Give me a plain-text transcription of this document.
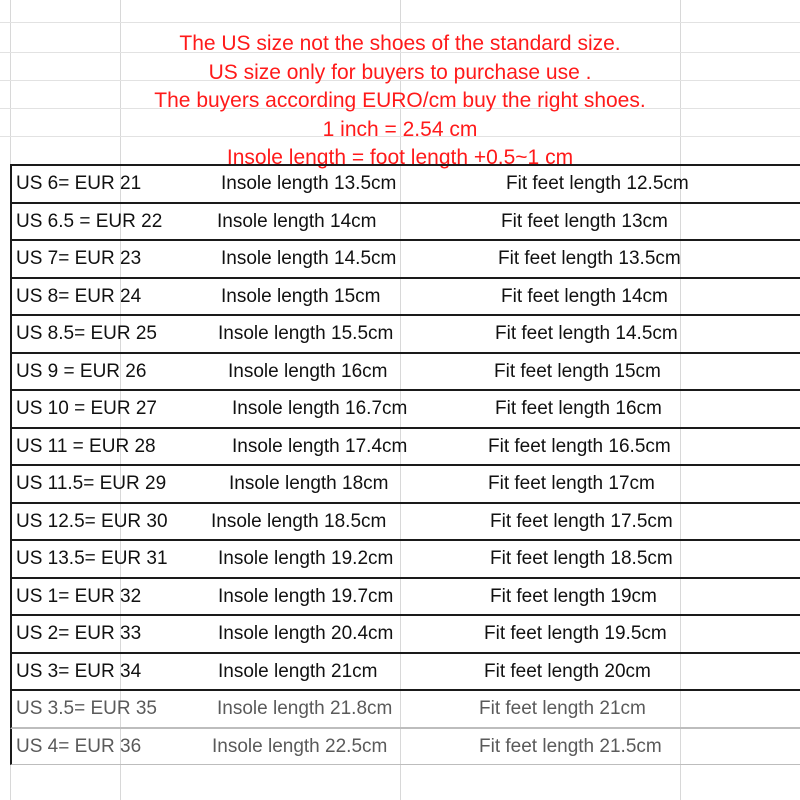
The US size not the shoes of the standard size.
US size only for buyers to purchase use .
The buyers according EURO/cm buy the right shoes.
1 inch = 2.54 cm
Insole length = foot length +0.5~1 cm
US 6= EUR 21	Insole length 13.5cm	Fit feet length 12.5cm
US 6.5 = EUR 22	Insole length 14cm	Fit feet length 13cm
US 7= EUR 23	Insole length 14.5cm	Fit feet length 13.5cm
US 8= EUR 24	Insole length 15cm	Fit feet length 14cm
US 8.5= EUR 25	Insole length 15.5cm	Fit feet length 14.5cm
US 9 = EUR 26	Insole length 16cm	Fit feet length 15cm
US 10 = EUR 27	Insole length 16.7cm	Fit feet length 16cm
US 11 = EUR 28	Insole length 17.4cm	Fit feet length 16.5cm
US 11.5= EUR 29	Insole length 18cm	Fit feet length 17cm
US 12.5= EUR 30 Insole length 18.5cm	Fit feet length 17.5cm
US 13.5= EUR 31	Insole length 19.2cm	Fit feet length 18.5cm
US 1= EUR 32	Insole length 19.7cm	Fit feet length 19cm
US 2= EUR 33	Insole length 20.4cm	Fit feet length 19.5cm
US 3= EUR 34	Insole length 21cm	Fit feet length 20cm
US 3.5= EUR 35	Insole length 21.8cm	Fit feet length 21cm
US 4= EUR 36	Insole length 22.5cm	Fit feet length 21.5cm
